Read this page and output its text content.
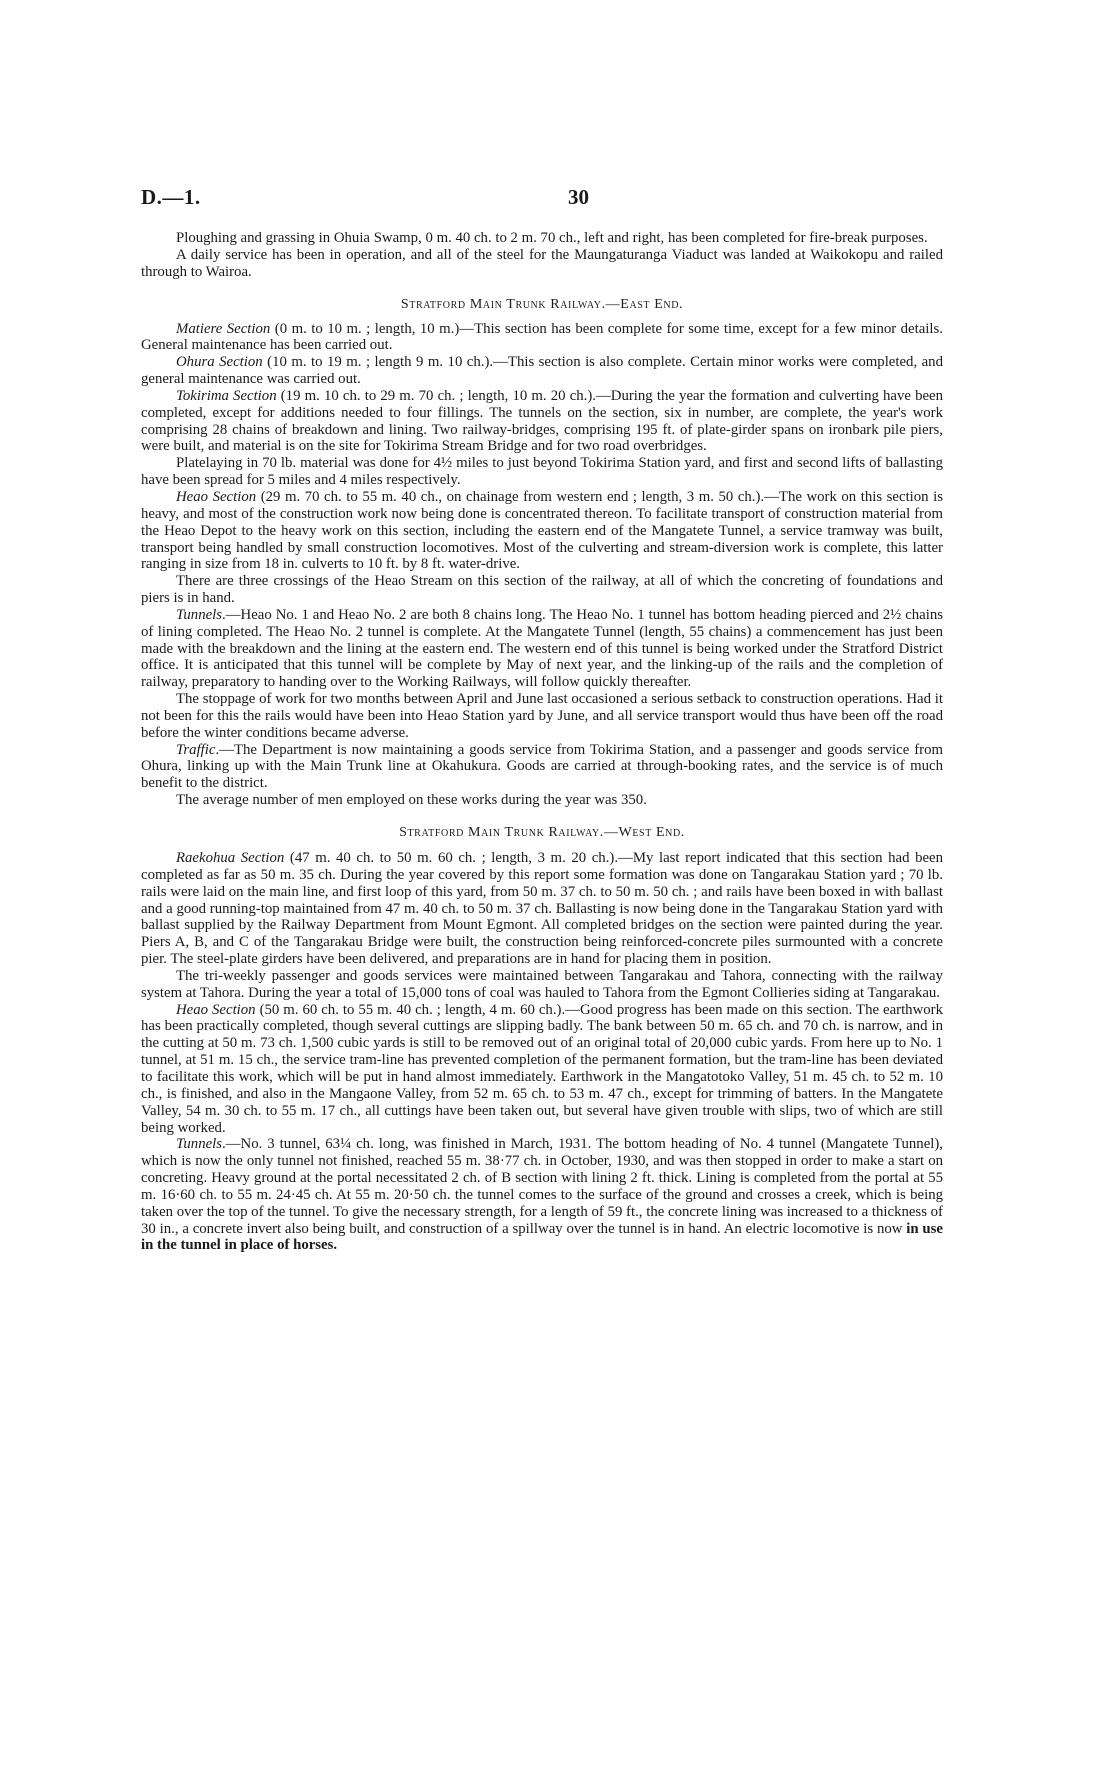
D.—1.	30

Ploughing and grassing in Ohuia Swamp, 0 m. 40 ch. to 2 m. 70 ch., left and right, has been completed for fire-break purposes.

A daily service has been in operation, and all of the steel for the Maungaturanga Viaduct was landed at Waikokopu and railed through to Wairoa.

Stratford Main Trunk Railway.—East End.

Matiere Section (0 m. to 10 m. ; length, 10 m.)—This section has been complete for some time, except for a few minor details. General maintenance has been carried out.

Ohura Section (10 m. to 19 m. ; length 9 m. 10 ch.).—This section is also complete. Certain minor works were completed, and general maintenance was carried out.

Tokirima Section (19 m. 10 ch. to 29 m. 70 ch. ; length, 10 m. 20 ch.).—During the year the formation and culverting have been completed, except for additions needed to four fillings. The tunnels on the section, six in number, are complete, the year's work comprising 28 chains of breakdown and lining. Two railway-bridges, comprising 195 ft. of plate-girder spans on ironbark pile piers, were built, and material is on the site for Tokirima Stream Bridge and for two road overbridges.

Platelaying in 70 lb. material was done for 4½ miles to just beyond Tokirima Station yard, and first and second lifts of ballasting have been spread for 5 miles and 4 miles respectively.

Heao Section (29 m. 70 ch. to 55 m. 40 ch., on chainage from western end ; length, 3 m. 50 ch.).—The work on this section is heavy, and most of the construction work now being done is concentrated thereon. To facilitate transport of construction material from the Heao Depot to the heavy work on this section, including the eastern end of the Mangatete Tunnel, a service tramway was built, transport being handled by small construction locomotives. Most of the culverting and stream-diversion work is complete, this latter ranging in size from 18 in. culverts to 10 ft. by 8 ft. water-drive.

There are three crossings of the Heao Stream on this section of the railway, at all of which the concreting of foundations and piers is in hand.

Tunnels.—Heao No. 1 and Heao No. 2 are both 8 chains long. The Heao No. 1 tunnel has bottom heading pierced and 2½ chains of lining completed. The Heao No. 2 tunnel is complete. At the Mangatete Tunnel (length, 55 chains) a commencement has just been made with the breakdown and the lining at the eastern end. The western end of this tunnel is being worked under the Stratford District office. It is anticipated that this tunnel will be complete by May of next year, and the linking-up of the rails and the completion of railway, preparatory to handing over to the Working Railways, will follow quickly thereafter.

The stoppage of work for two months between April and June last occasioned a serious setback to construction operations. Had it not been for this the rails would have been into Heao Station yard by June, and all service transport would thus have been off the road before the winter conditions became adverse.

Traffic.—The Department is now maintaining a goods service from Tokirima Station, and a passenger and goods service from Ohura, linking up with the Main Trunk line at Okahukura. Goods are carried at through-booking rates, and the service is of much benefit to the district.

The average number of men employed on these works during the year was 350.

Stratford Main Trunk Railway.—West End.

Raekohua Section (47 m. 40 ch. to 50 m. 60 ch. ; length, 3 m. 20 ch.).—My last report indicated that this section had been completed as far as 50 m. 35 ch. During the year covered by this report some formation was done on Tangarakau Station yard ; 70 lb. rails were laid on the main line, and first loop of this yard, from 50 m. 37 ch. to 50 m. 50 ch. ; and rails have been boxed in with ballast and a good running-top maintained from 47 m. 40 ch. to 50 m. 37 ch. Ballasting is now being done in the Tangarakau Station yard with ballast supplied by the Railway Department from Mount Egmont. All completed bridges on the section were painted during the year. Piers A, B, and C of the Tangarakau Bridge were built, the construction being reinforced-concrete piles surmounted with a concrete pier. The steel-plate girders have been delivered, and preparations are in hand for placing them in position.

The tri-weekly passenger and goods services were maintained between Tangarakau and Tahora, connecting with the railway system at Tahora. During the year a total of 15,000 tons of coal was hauled to Tahora from the Egmont Collieries siding at Tangarakau.

Heao Section (50 m. 60 ch. to 55 m. 40 ch. ; length, 4 m. 60 ch.).—Good progress has been made on this section. The earthwork has been practically completed, though several cuttings are slipping badly. The bank between 50 m. 65 ch. and 70 ch. is narrow, and in the cutting at 50 m. 73 ch. 1,500 cubic yards is still to be removed out of an original total of 20,000 cubic yards. From here up to No. 1 tunnel, at 51 m. 15 ch., the service tram-line has prevented completion of the permanent formation, but the tram-line has been deviated to facilitate this work, which will be put in hand almost immediately. Earthwork in the Mangatotoko Valley, 51 m. 45 ch. to 52 m. 10 ch., is finished, and also in the Mangaone Valley, from 52 m. 65 ch. to 53 m. 47 ch., except for trimming of batters. In the Mangatete Valley, 54 m. 30 ch. to 55 m. 17 ch., all cuttings have been taken out, but several have given trouble with slips, two of which are still being worked.

Tunnels.—No. 3 tunnel, 63¼ ch. long, was finished in March, 1931. The bottom heading of No. 4 tunnel (Mangatete Tunnel), which is now the only tunnel not finished, reached 55 m. 38·77 ch. in October, 1930, and was then stopped in order to make a start on concreting. Heavy ground at the portal necessitated 2 ch. of B section with lining 2 ft. thick. Lining is completed from the portal at 55 m. 16·60 ch. to 55 m. 24·45 ch. At 55 m. 20·50 ch. the tunnel comes to the surface of the ground and crosses a creek, which is being taken over the top of the tunnel. To give the necessary strength, for a length of 59 ft., the concrete lining was increased to a thickness of 30 in., a concrete invert also being built, and construction of a spillway over the tunnel is in hand. An electric locomotive is now in use in the tunnel in place of horses.
